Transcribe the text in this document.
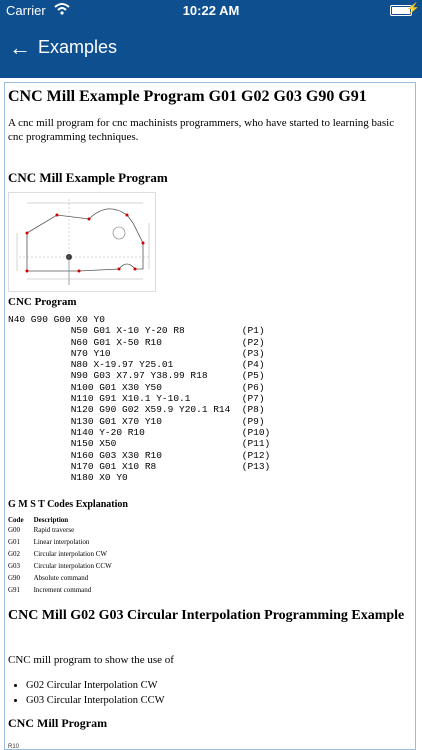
Carrier	10:22 AM	⚡
← Examples
CNC Mill Example Program G01 G02 G03 G90 G91
A cnc mill program for cnc machinists programmers, who have started to learning basic cnc programming techniques.
CNC Mill Example Program
CNC Program
N40 G90 G00 X0 Y0
N50 G01 X-10 Y-20 R8          (P1)
N60 G01 X-50 R10              (P2)
N70 Y10                       (P3)
N80 X-19.97 Y25.01            (P4)
N90 G03 X7.97 Y38.99 R18      (P5)
N100 G01 X30 Y50              (P6)
N110 G91 X10.1 Y-10.1         (P7)
N120 G90 G02 X59.9 Y20.1 R14  (P8)
N130 G01 X70 Y10              (P9)
N140 Y-20 R10                 (P10)
N150 X50                      (P11)
N160 G03 X30 R10              (P12)
N170 G01 X10 R8               (P13)
N180 X0 Y0
G M S T Codes Explanation
Code	Description
G00	Rapid traverse
G01	Linear interpolation
G02	Circular interpolation CW
G03	Circular interpolation CCW
G90	Absolute command
G91	Increment command
CNC Mill G02 G03 Circular Interpolation Programming Example
CNC mill program to show the use of
• G02 Circular Interpolation CW
• G03 Circular Interpolation CCW
CNC Mill Program
R10
